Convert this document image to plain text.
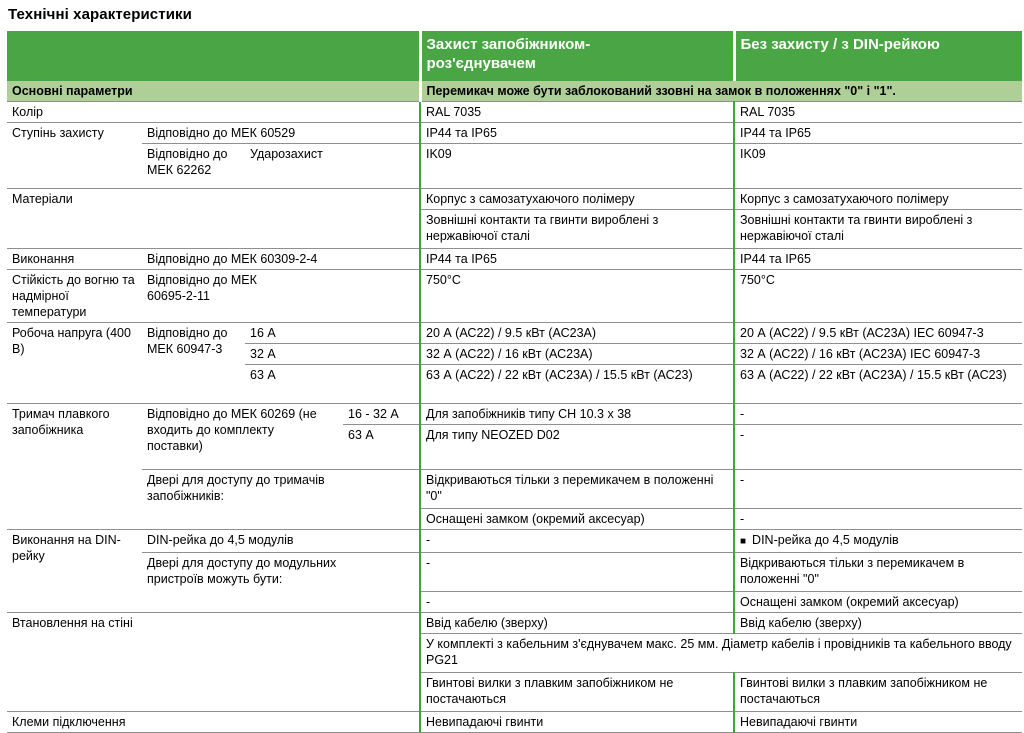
Технічні характеристики
				Захист запобіжником-роз'єднувачем	Без захисту / з DIN-рейкою
Основні параметри				Перемикач може бути заблокований ззовні на замок в положеннях "0" і "1".	
Колір				RAL 7035	RAL 7035
Ступінь захисту	Відповідно до МЕК 60529			IP44 та IP65	IP44 та IP65
	Відповідно до МЕК 62262	Ударозахист		IK09	IK09
Матеріали				Корпус з самозатухаючого полімеру	Корпус з самозатухаючого полімеру
				Зовнішні контакти та гвинти вироблені з нержавіючої сталі	Зовнішні контакти та гвинти вироблені з нержавіючої сталі
Виконання	Відповідно до МЕК 60309-2-4			IP44 та IP65	IP44 та IP65
Стійкість до вогню та надмірної температури	Відповідно до МЕК 60695-2-11			750°C	750°C
Робоча напруга (400 В)	Відповідно до МЕК 60947-3	16 А		20 А (АС22) / 9.5 кВт (АС23А)	20 А (АС22) / 9.5 кВт (АС23А) IEC 60947-3
		32 А		32 А (АС22) / 16 кВт (АС23А)	32 А (АС22) / 16 кВт (АС23А) IEC 60947-3
		63 А		63 А (АС22) / 22 кВт (АС23А) / 15.5 кВт (АС23)	63 А (АС22) / 22 кВт (АС23А) / 15.5 кВт (АС23)
Тримач плавкого запобіжника	Відповідно до МЕК 60269 (не входить до комплекту поставки)		16 - 32 А	Для запобіжників типу CH 10.3 x 38	-
			63 А	Для типу NEOZED D02	-
	Двері для доступу до тримачів запобіжників:			Відкриваються тільки з перемикачем в положенні "0"	-
				Оснащені замком (окремий аксесуар)	-
Виконання на DIN-рейку	DIN-рейка до 4,5 модулів			-	■ DIN-рейка до 4,5 модулів
	Двері для доступу до модульних пристроїв можуть бути:			-	Відкриваються тільки з перемикачем в положенні "0"
				-	Оснащені замком (окремий аксесуар)
Втановлення на стіні				Ввід кабелю (зверху)	Ввід кабелю (зверху)
				У комплекті з кабельним з'єднувачем макс. 25 мм. Діаметр кабелів і провідників та кабельного вводу PG21	
				Гвинтові вилки з плавким запобіжником не постачаються	Гвинтові вилки з плавким запобіжником не постачаються
Клеми підключення				Невипадаючі гвинти	Невипадаючі гвинти
